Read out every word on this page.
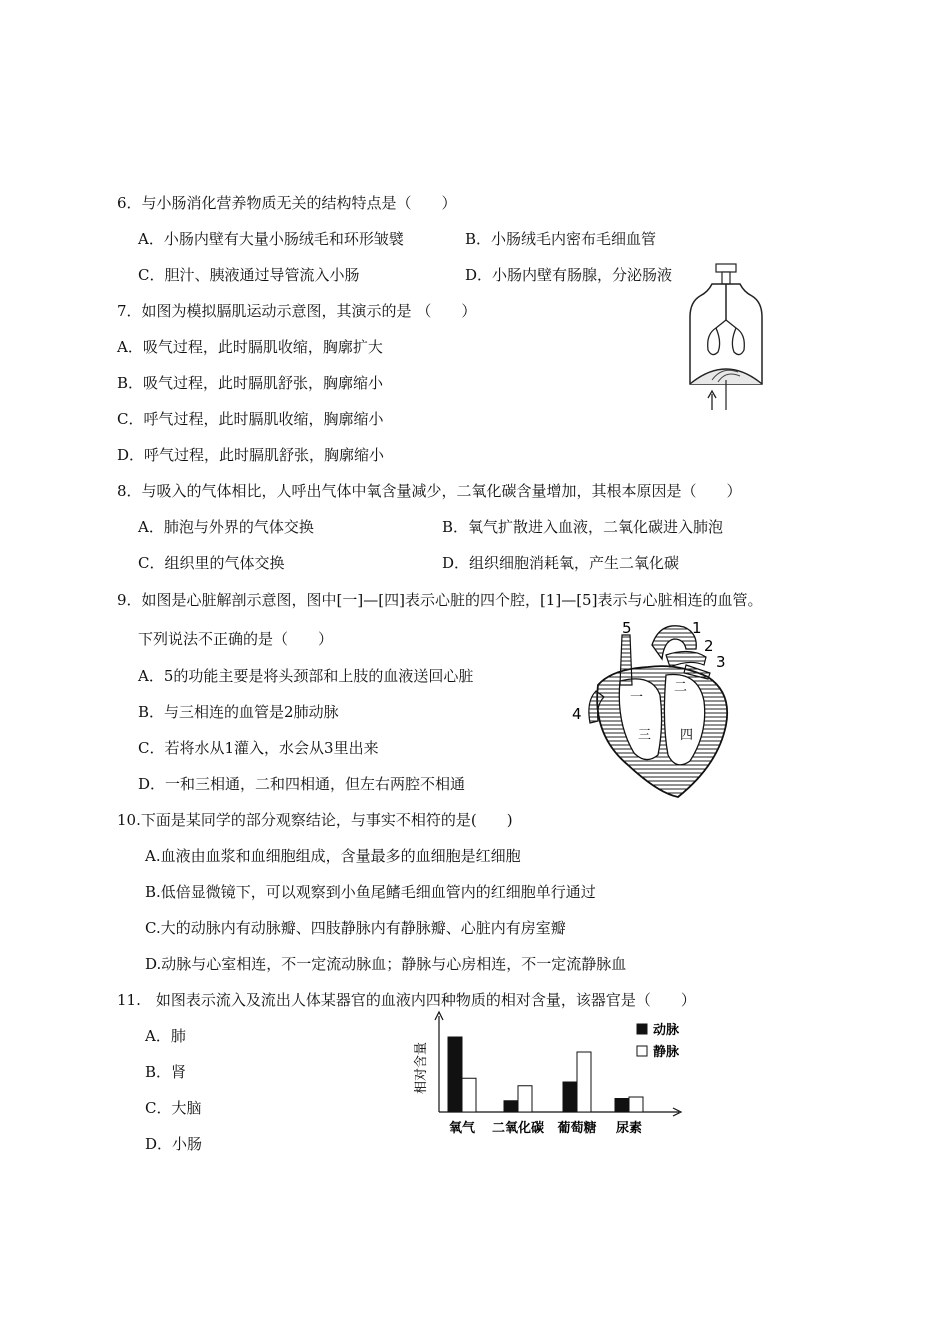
6．与小肠消化营养物质无关的结构特点是（　　）
A．小肠内壁有大量小肠绒毛和环形皱襞	B．小肠绒毛内密布毛细血管
C．胆汁、胰液通过导管流入小肠	D．小肠内壁有肠腺，分泌肠液
7．如图为模拟膈肌运动示意图，其演示的是 （　　）
A．吸气过程，此时膈肌收缩，胸廓扩大
B．吸气过程，此时膈肌舒张，胸廓缩小
C．呼气过程，此时膈肌收缩，胸廓缩小
D．呼气过程，此时膈肌舒张，胸廓缩小
8．与吸入的气体相比，人呼出气体中氧含量减少，二氧化碳含量增加，其根本原因是（　　）
A．肺泡与外界的气体交换	B．氧气扩散进入血液，二氧化碳进入肺泡
C．组织里的气体交换	D．组织细胞消耗氧，产生二氧化碳
9．如图是心脏解剖示意图，图中[一]—[四]表示心脏的四个腔，[1]—[5]表示与心脏相连的血管。
下列说法不正确的是（　　）
A．5的功能主要是将头颈部和上肢的血液送回心脏
B．与三相连的血管是2肺动脉
C．若将水从1灌入，水会从3里出来
D．一和三相通，二和四相通，但左右两腔不相通
5	1
2
3
4
一
二
三 四
10.下面是某同学的部分观察结论，与事实不相符的是(　　)
A.血液由血浆和血细胞组成，含量最多的血细胞是红细胞
B.低倍显微镜下，可以观察到小鱼尾鳍毛细血管内的红细胞单行通过
C.大的动脉内有动脉瓣、四肢静脉内有静脉瓣、心脏内有房室瓣
D.动脉与心室相连，不一定流动脉血；静脉与心房相连，不一定流静脉血
11.　如图表示流入及流出人体某器官的血液内四种物质的相对含量，该器官是（　　）
A．肺
B．肾
C．大脑
D．小肠
相对含量
氧气 二氧化碳 葡萄糖 尿素
动脉
静脉
